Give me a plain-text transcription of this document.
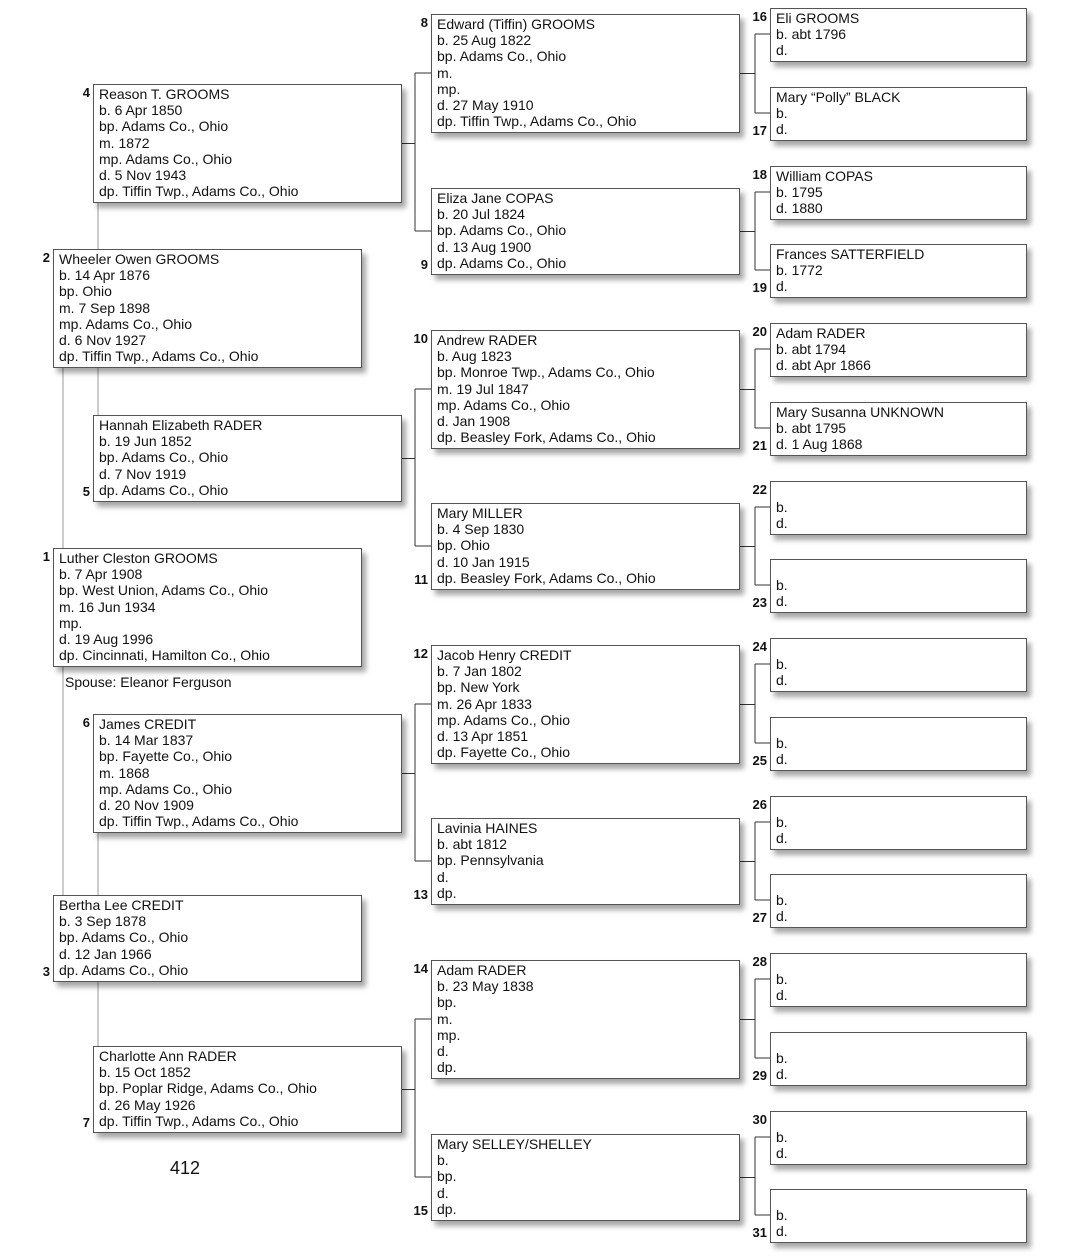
Luther Cleston GROOMS
b. 7 Apr 1908
bp. West Union, Adams Co., Ohio
m. 16 Jun 1934
mp.
d. 19 Aug 1996
dp. Cincinnati, Hamilton Co., Ohio
1
Wheeler Owen GROOMS
b. 14 Apr 1876
bp. Ohio
m. 7 Sep 1898
mp. Adams Co., Ohio
d. 6 Nov 1927
dp. Tiffin Twp., Adams Co., Ohio
2
Bertha Lee CREDIT
b. 3 Sep 1878
bp. Adams Co., Ohio
d. 12 Jan 1966
dp. Adams Co., Ohio
3
Reason T. GROOMS
b. 6 Apr 1850
bp. Adams Co., Ohio
m. 1872
mp. Adams Co., Ohio
d. 5 Nov 1943
dp. Tiffin Twp., Adams Co., Ohio
4
Hannah Elizabeth RADER
b. 19 Jun 1852
bp. Adams Co., Ohio
d. 7 Nov 1919
dp. Adams Co., Ohio
5
James CREDIT
b. 14 Mar 1837
bp. Fayette Co., Ohio
m. 1868
mp. Adams Co., Ohio
d. 20 Nov 1909
dp. Tiffin Twp., Adams Co., Ohio
6
Charlotte Ann RADER
b. 15 Oct 1852
bp. Poplar Ridge, Adams Co., Ohio
d. 26 May 1926
dp. Tiffin Twp., Adams Co., Ohio
7
Edward (Tiffin) GROOMS
b. 25 Aug 1822
bp. Adams Co., Ohio
m.
mp.
d. 27 May 1910
dp. Tiffin Twp., Adams Co., Ohio
8
Eliza Jane COPAS
b. 20 Jul 1824
bp. Adams Co., Ohio
d. 13 Aug 1900
dp. Adams Co., Ohio
9
Andrew RADER
b. Aug 1823
bp. Monroe Twp., Adams Co., Ohio
m. 19 Jul 1847
mp. Adams Co., Ohio
d. Jan 1908
dp. Beasley Fork, Adams Co., Ohio
10
Mary MILLER
b. 4 Sep 1830
bp. Ohio
d. 10 Jan 1915
dp. Beasley Fork, Adams Co., Ohio
11
Jacob Henry CREDIT
b. 7 Jan 1802
bp. New York
m. 26 Apr 1833
mp. Adams Co., Ohio
d. 13 Apr 1851
dp. Fayette Co., Ohio
12
Lavinia HAINES
b. abt 1812
bp. Pennsylvania
d.
dp.
13
Adam RADER
b. 23 May 1838
bp.
m.
mp.
d.
dp.
14
Mary SELLEY/SHELLEY
b.
bp.
d.
dp.
15
Eli GROOMS
b. abt 1796
d.
16
Mary “Polly” BLACK
b.
d.
17
William COPAS
b. 1795
d. 1880
18
Frances SATTERFIELD
b. 1772
d.
19
Adam RADER
b. abt 1794
d. abt Apr 1866
20
Mary Susanna UNKNOWN
b. abt 1795
d. 1 Aug 1868
21
b.
d.
22
b.
d.
23
b.
d.
24
b.
d.
25
b.
d.
26
b.
d.
27
b.
d.
28
b.
d.
29
b.
d.
30
b.
d.
31
Spouse: Eleanor Ferguson
412
